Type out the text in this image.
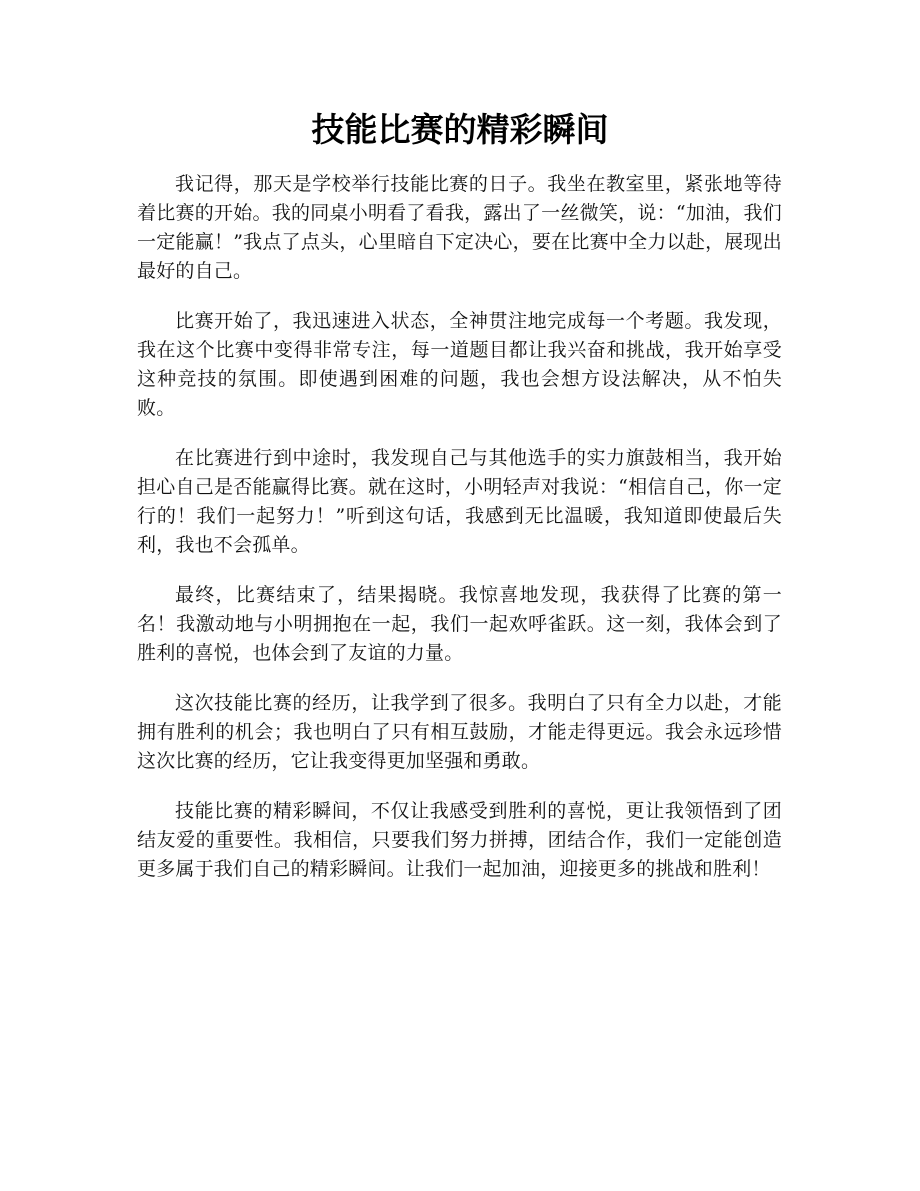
技能比赛的精彩瞬间

我记得，那天是学校举行技能比赛的日子。我坐在教室里，紧张地等待着比赛的开始。我的同桌小明看了看我，露出了一丝微笑，说：“加油，我们一定能赢！”我点了点头，心里暗自下定决心，要在比赛中全力以赴，展现出最好的自己。

比赛开始了，我迅速进入状态，全神贯注地完成每一个考题。我发现，我在这个比赛中变得非常专注，每一道题目都让我兴奋和挑战，我开始享受这种竞技的氛围。即使遇到困难的问题，我也会想方设法解决，从不怕失败。

在比赛进行到中途时，我发现自己与其他选手的实力旗鼓相当，我开始担心自己是否能赢得比赛。就在这时，小明轻声对我说：“相信自己，你一定行的！我们一起努力！”听到这句话，我感到无比温暖，我知道即使最后失利，我也不会孤单。

最终，比赛结束了，结果揭晓。我惊喜地发现，我获得了比赛的第一名！我激动地与小明拥抱在一起，我们一起欢呼雀跃。这一刻，我体会到了胜利的喜悦，也体会到了友谊的力量。

这次技能比赛的经历，让我学到了很多。我明白了只有全力以赴，才能拥有胜利的机会；我也明白了只有相互鼓励，才能走得更远。我会永远珍惜这次比赛的经历，它让我变得更加坚强和勇敢。

技能比赛的精彩瞬间，不仅让我感受到胜利的喜悦，更让我领悟到了团结友爱的重要性。我相信，只要我们努力拼搏，团结合作，我们一定能创造更多属于我们自己的精彩瞬间。让我们一起加油，迎接更多的挑战和胜利！
